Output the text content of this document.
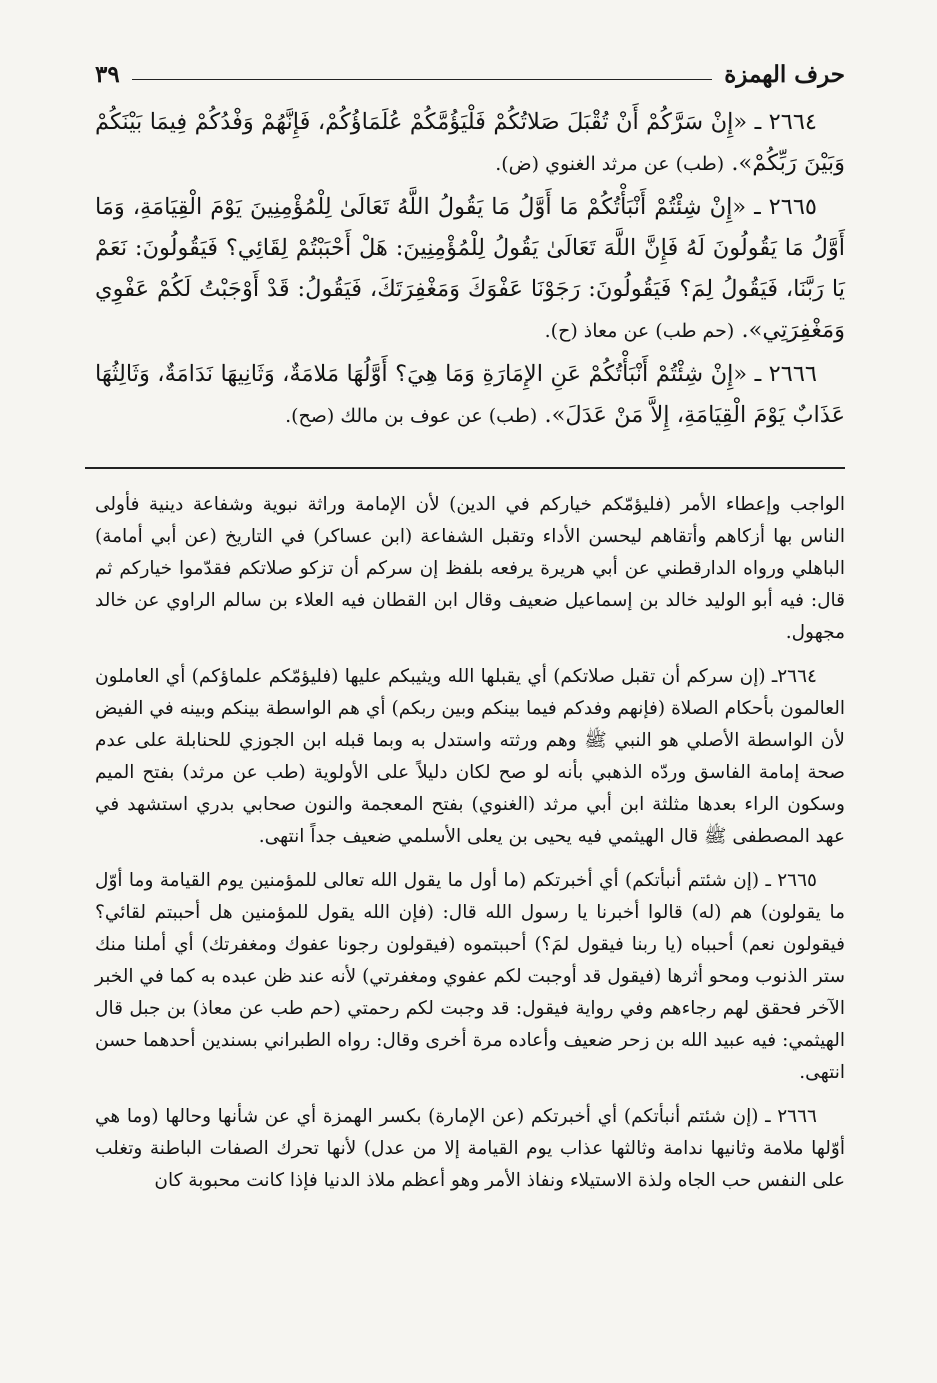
حرف الهمزة
٣٩

٢٦٦٤ ـ «إِنْ سَرَّكُمْ أَنْ تُقْبَلَ صَلاتُكُمْ فَلْيَؤُمَّكُمْ عُلَمَاؤُكُمْ، فَإِنَّهُمْ وَفْدُكُمْ فِيمَا بَيْنَكُمْ وَبَيْنَ رَبِّكُمْ». (طب) عن مرثد الغنوي (ض).

٢٦٦٥ ـ «إِنْ شِئْتُمْ أَنْبَأْتُكُمْ مَا أَوَّلُ مَا يَقُولُ اللَّهُ تَعَالَىٰ لِلْمُؤْمِنِينَ يَوْمَ الْقِيَامَةِ، وَمَا أَوَّلُ مَا يَقُولُونَ لَهُ فَإِنَّ اللَّهَ تَعَالَىٰ يَقُولُ لِلْمُؤْمِنِينَ: هَلْ أَحْبَبْتُمْ لِقَائِي؟ فَيَقُولُونَ: نَعَمْ يَا رَبَّنَا، فَيَقُولُ لِمَ؟ فَيَقُولُونَ: رَجَوْنَا عَفْوَكَ وَمَغْفِرَتَكَ، فَيَقُولُ: قَدْ أَوْجَبْتُ لَكُمْ عَفْوِي وَمَغْفِرَتِي». (حم طب) عن معاذ (ح).

٢٦٦٦ ـ «إِنْ شِئْتُمْ أَنْبَأْتُكُمْ عَنِ الإِمَارَةِ وَمَا هِيَ؟ أَوَّلُهَا مَلامَةٌ، وَثَانِيهَا نَدَامَةٌ، وَثَالِثُهَا عَذَابٌ يَوْمَ الْقِيَامَةِ، إِلاَّ مَنْ عَدَلَ». (طب) عن عوف بن مالك (صح).

الواجب وإعطاء الأمر (فليؤمّكم خياركم في الدين) لأن الإمامة وراثة نبوية وشفاعة دينية فأولى الناس بها أزكاهم وأتقاهم ليحسن الأداء وتقبل الشفاعة (ابن عساكر) في التاريخ (عن أبي أمامة) الباهلي ورواه الدارقطني عن أبي هريرة يرفعه بلفظ إن سركم أن تزكو صلاتكم فقدّموا خياركم ثم قال: فيه أبو الوليد خالد بن إسماعيل ضعيف وقال ابن القطان فيه العلاء بن سالم الراوي عن خالد مجهول.

٢٦٦٤ـ (إن سركم أن تقبل صلاتكم) أي يقبلها الله ويثيبكم عليها (فليؤمّكم علماؤكم) أي العاملون العالمون بأحكام الصلاة (فإنهم وفدكم فيما بينكم وبين ربكم) أي هم الواسطة بينكم وبينه في الفيض لأن الواسطة الأصلي هو النبي ﷺ وهم ورثته واستدل به وبما قبله ابن الجوزي للحنابلة على عدم صحة إمامة الفاسق وردّه الذهبي بأنه لو صح لكان دليلاً على الأولوية (طب عن مرثد) بفتح الميم وسكون الراء بعدها مثلثة ابن أبي مرثد (الغنوي) بفتح المعجمة والنون صحابي بدري استشهد في عهد المصطفى ﷺ قال الهيثمي فيه يحيى بن يعلى الأسلمي ضعيف جداً انتهى.

٢٦٦٥ ـ (إن شئتم أنبأتكم) أي أخبرتكم (ما أول ما يقول الله تعالى للمؤمنين يوم القيامة وما أوّل ما يقولون) هم (له) قالوا أخبرنا يا رسول الله قال: (فإن الله يقول للمؤمنين هل أحببتم لقائي؟ فيقولون نعم) أحبباه (يا ربنا فيقول لمَ؟) أحببتموه (فيقولون رجونا عفوك ومغفرتك) أي أملنا منك ستر الذنوب ومحو أثرها (فيقول قد أوجبت لكم عفوي ومغفرتي) لأنه عند ظن عبده به كما في الخبر الآخر فحقق لهم رجاءهم وفي رواية فيقول: قد وجبت لكم رحمتي (حم طب عن معاذ) بن جبل قال الهيثمي: فيه عبيد الله بن زحر ضعيف وأعاده مرة أخرى وقال: رواه الطبراني بسندين أحدهما حسن انتهى.

٢٦٦٦ ـ (إن شئتم أنبأتكم) أي أخبرتكم (عن الإمارة) بكسر الهمزة أي عن شأنها وحالها (وما هي أوّلها ملامة وثانيها ندامة وثالثها عذاب يوم القيامة إلا من عدل) لأنها تحرك الصفات الباطنة وتغلب على النفس حب الجاه ولذة الاستيلاء ونفاذ الأمر وهو أعظم ملاذ الدنيا فإذا كانت محبوبة كان
